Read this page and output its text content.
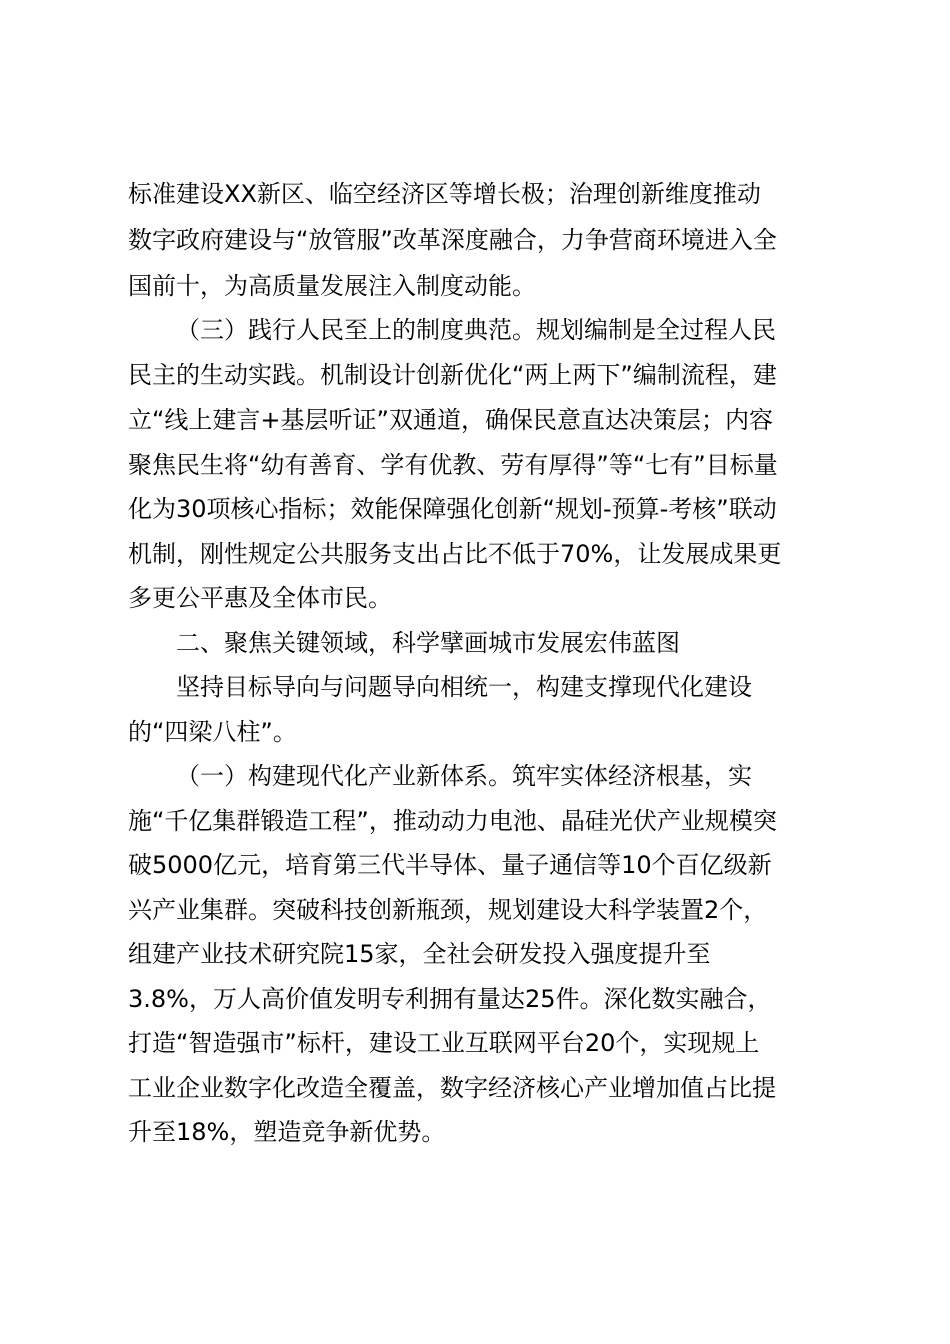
标准建设XX新区、临空经济区等增长极；治理创新维度推动
数字政府建设与“放管服”改革深度融合，力争营商环境进入全
国前十，为高质量发展注入制度动能。
（三）践行人民至上的制度典范。规划编制是全过程人民
民主的生动实践。机制设计创新优化“两上两下”编制流程，建
立“线上建言+基层听证”双通道，确保民意直达决策层；内容
聚焦民生将“幼有善育、学有优教、劳有厚得”等“七有”目标量
化为30项核心指标；效能保障强化创新“规划-预算-考核”联动
机制，刚性规定公共服务支出占比不低于70%，让发展成果更
多更公平惠及全体市民。
二、聚焦关键领域，科学擘画城市发展宏伟蓝图
坚持目标导向与问题导向相统一，构建支撑现代化建设
的“四梁八柱”。
（一）构建现代化产业新体系。筑牢实体经济根基，实
施“千亿集群锻造工程”，推动动力电池、晶硅光伏产业规模突
破5000亿元，培育第三代半导体、量子通信等10个百亿级新
兴产业集群。突破科技创新瓶颈，规划建设大科学装置2个，
组建产业技术研究院15家，全社会研发投入强度提升至
3.8%，万人高价值发明专利拥有量达25件。深化数实融合，
打造“智造强市”标杆，建设工业互联网平台20个，实现规上
工业企业数字化改造全覆盖，数字经济核心产业增加值占比提
升至18%，塑造竞争新优势。
